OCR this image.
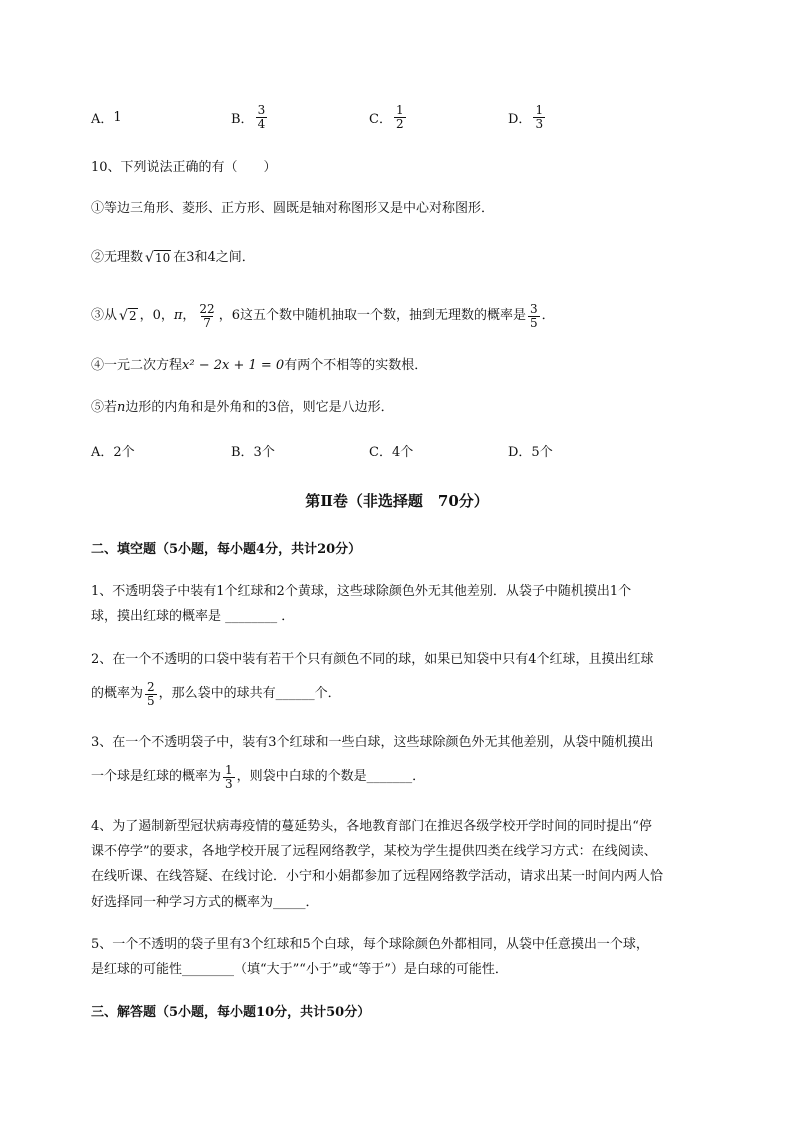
A． 1	B． $\frac{3}{4}$	C． $\frac{1}{2}$	D． $\frac{1}{3}$
10、下列说法正确的有（　　）
①等边三角形、菱形、正方形、圆既是轴对称图形又是中心对称图形．
②无理数 √ 10 在3和4之间．
③从 √ 2 ，0， π ， $\frac{22}{7}$ ，6这五个数中随机抽取一个数，抽到无理数的概率是 $\frac{3}{5}$ ．
④一元二次方程x² − 2x + 1 = 0有两个不相等的实数根．
⑤若n边形的内角和是外角和的3倍，则它是八边形．
A．2个	B．3个	C．4个	D．5个
第Ⅱ卷（非选择题　70分）
二、填空题（5小题，每小题4分，共计20分）
1、不透明袋子中装有1个红球和2个黄球，这些球除颜色外无其他差别．从袋子中随机摸出1个
球，摸出红球的概率是 ________ ．
2、在一个不透明的口袋中装有若干个只有颜色不同的球，如果已知袋中只有4个红球，且摸出红球
的概率为 $\frac{2}{5}$ ，那么袋中的球共有______个．
3、在一个不透明袋子中，装有3个红球和一些白球，这些球除颜色外无其他差别，从袋中随机摸出
一个球是红球的概率为 $\frac{1}{3}$ ，则袋中白球的个数是_______．
4、为了遏制新型冠状病毒疫情的蔓延势头，各地教育部门在推迟各级学校开学时间的同时提出“停
课不停学”的要求，各地学校开展了远程网络教学，某校为学生提供四类在线学习方式：在线阅读、
在线听课、在线答疑、在线讨论．小宁和小娟都参加了远程网络教学活动，请求出某一时间内两人恰
好选择同一种学习方式的概率为_____．
5、一个不透明的袋子里有3个红球和5个白球，每个球除颜色外都相同，从袋中任意摸出一个球，
是红球的可能性________（填“大于”“小于”或“等于”）是白球的可能性．
三、解答题（5小题，每小题10分，共计50分）
